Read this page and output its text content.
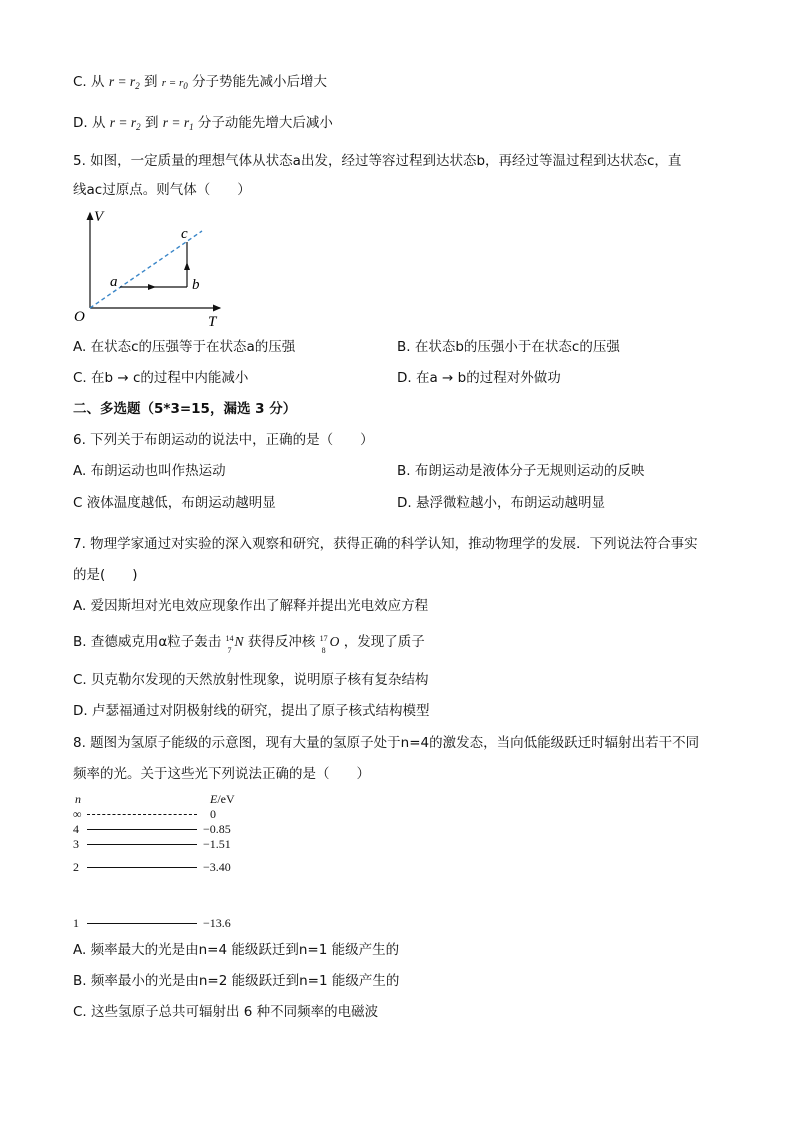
C. 从 $r = r_2$ 到 $r = r_0$ 分子势能先减小后增大
D. 从 $r = r_2$ 到 $r = r_1$ 分子动能先增大后减小
5. 如图，一定质量的理想气体从状态a出发，经过等容过程到达状态b，再经过等温过程到达状态c，直
线ac过原点。则气体（　　）
V
T
O
a	b
c
A. 在状态c的压强等于在状态a的压强	B. 在状态b的压强小于在状态c的压强
C. 在b → c的过程中内能减小	D. 在a → b的过程对外做功
二、多选题（5*3=15，漏选 3 分）
6. 下列关于布朗运动的说法中，正确的是（　　）
A. 布朗运动也叫作热运动	B. 布朗运动是液体分子无规则运动的反映
C 液体温度越低，布朗运动越明显	D. 悬浮微粒越小，布朗运动越明显
7. 物理学家通过对实验的深入观察和研究，获得正确的科学认知，推动物理学的发展．下列说法符合事实
的是(　　)
A. 爱因斯坦对光电效应现象作出了解释并提出光电效应方程
B. 查德威克用α粒子轰击 14
7
N 获得反冲核 17
8
O ，发现了质子
C. 贝克勒尔发现的天然放射性现象，说明原子核有复杂结构
D. 卢瑟福通过对阴极射线的研究，提出了原子核式结构模型
8. 题图为氢原子能级的示意图，现有大量的氢原子处于n=4的激发态，当向低能级跃迁时辐射出若干不同
频率的光。关于这些光下列说法正确的是（　　）
n	E/eV
∞	0
4	−0.85
3	−1.51
2	−3.40
1	−13.6
A. 频率最大的光是由n=4 能级跃迁到n=1 能级产生的
B. 频率最小的光是由n=2 能级跃迁到n=1 能级产生的
C. 这些氢原子总共可辐射出 6 种不同频率的电磁波
